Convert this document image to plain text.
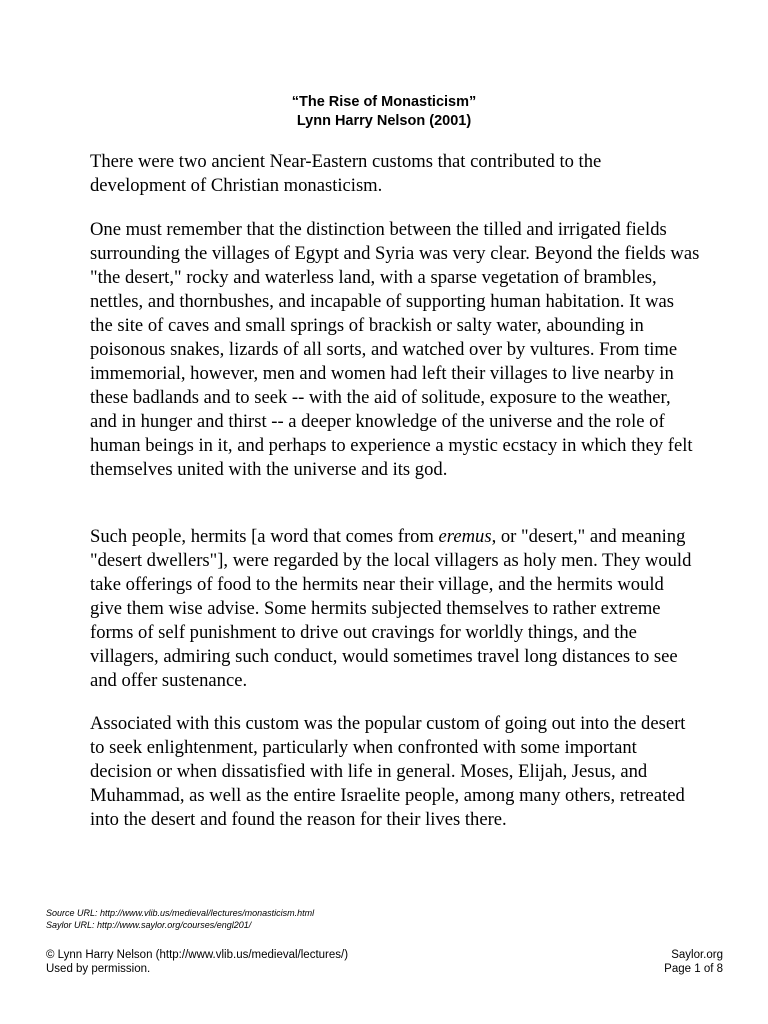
“The Rise of Monasticism”
Lynn Harry Nelson (2001)

There were two ancient Near-Eastern customs that contributed to the development of Christian monasticism.

One must remember that the distinction between the tilled and irrigated fields surrounding the villages of Egypt and Syria was very clear. Beyond the fields was "the desert," rocky and waterless land, with a sparse vegetation of brambles, nettles, and thornbushes, and incapable of supporting human habitation. It was the site of caves and small springs of brackish or salty water, abounding in poisonous snakes, lizards of all sorts, and watched over by vultures. From time immemorial, however, men and women had left their villages to live nearby in these badlands and to seek -- with the aid of solitude, exposure to the weather, and in hunger and thirst -- a deeper knowledge of the universe and the role of human beings in it, and perhaps to experience a mystic ecstacy in which they felt themselves united with the universe and its god.

Such people, hermits [a word that comes from eremus, or "desert," and meaning "desert dwellers"], were regarded by the local villagers as holy men. They would take offerings of food to the hermits near their village, and the hermits would give them wise advise. Some hermits subjected themselves to rather extreme forms of self punishment to drive out cravings for worldly things, and the villagers, admiring such conduct, would sometimes travel long distances to see and offer sustenance.

Associated with this custom was the popular custom of going out into the desert to seek enlightenment, particularly when confronted with some important decision or when dissatisfied with life in general. Moses, Elijah, Jesus, and Muhammad, as well as the entire Israelite people, among many others, retreated into the desert and found the reason for their lives there.

Source URL: http://www.vlib.us/medieval/lectures/monasticism.html
Saylor URL: http://www.saylor.org/courses/engl201/
© Lynn Harry Nelson (http://www.vlib.us/medieval/lectures/)
Used by permission.
Saylor.org
Page 1 of 8
